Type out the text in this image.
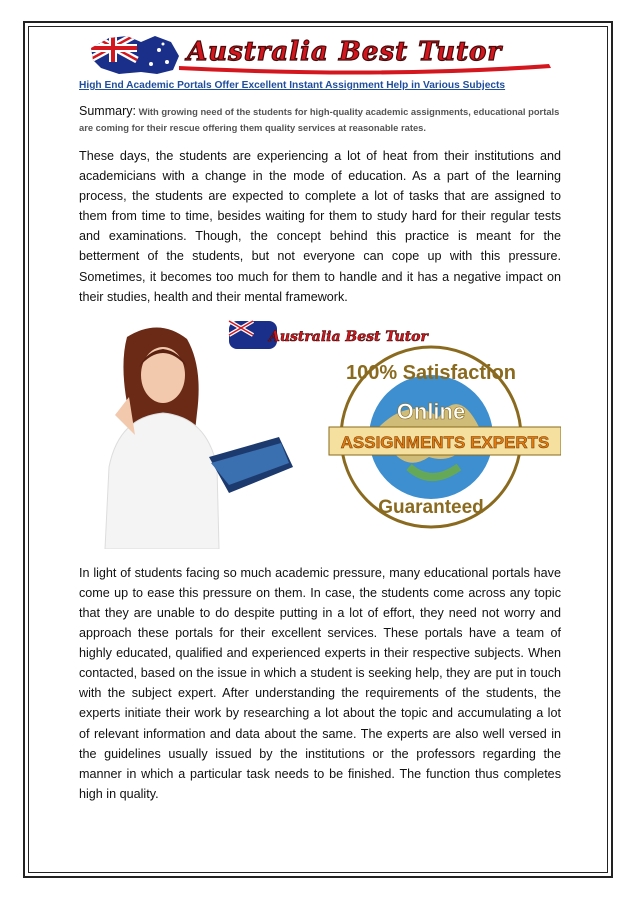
Australia Best Tutor
High End Academic Portals Offer Excellent Instant Assignment Help in Various Subjects
Summary: With growing need of the students for high-quality academic assignments, educational portals are coming for their rescue offering them quality services at reasonable rates.

These days, the students are experiencing a lot of heat from their institutions and academicians with a change in the mode of education. As a part of the learning process, the students are expected to complete a lot of tasks that are assigned to them from time to time, besides waiting for them to study hard for their regular tests and examinations. Though, the concept behind this practice is meant for the betterment of the students, but not everyone can cope up with this pressure. Sometimes, it becomes too much for them to handle and it has a negative impact on their studies, health and their mental framework.

Australia Best Tutor
100% Satisfaction
Online
ASSIGNMENTS EXPERTS
Guaranteed

In light of students facing so much academic pressure, many educational portals have come up to ease this pressure on them. In case, the students come across any topic that they are unable to do despite putting in a lot of effort, they need not worry and approach these portals for their excellent services. These portals have a team of highly educated, qualified and experienced experts in their respective subjects. When contacted, based on the issue in which a student is seeking help, they are put in touch with the subject expert. After understanding the requirements of the students, the experts initiate their work by researching a lot about the topic and accumulating a lot of relevant information and data about the same. The experts are also well versed in the guidelines usually issued by the institutions or the professors regarding the manner in which a particular task needs to be finished. The function thus completes high in quality.
